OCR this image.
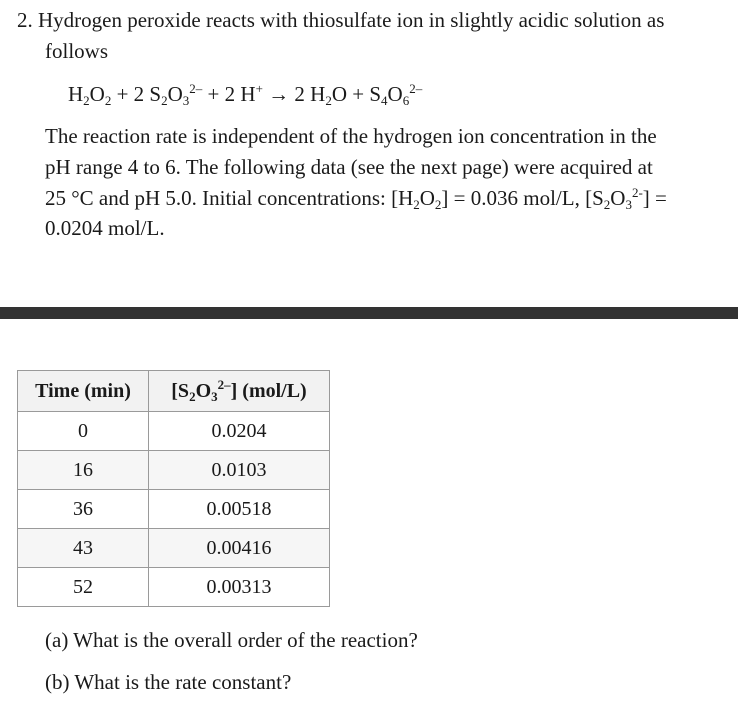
2. Hydrogen peroxide reacts with thiosulfate ion in slightly acidic solution as
follows
$H_2O_2 + 2$ $S_2O_3^{2-} + 2$ H+ → 2 $H_2O + S_4O_6^{2-}$
The reaction rate is independent of the hydrogen ion concentration in the
pH range 4 to 6. The following data (see the next page) were acquired at
25 °C and pH 5.0. Initial concentrations: $[H_2O_2] = 0.036$ mol/L, $[S_2O_3^{2-}]$ =
0.0204 mol/L.
Time (min)	$[S_2O_3^{2-}]$ (mol/L)
0	0.0204
16	0.0103
36	0.00518
43	0.00416
52	0.00313
(a) What is the overall order of the reaction?
(b) What is the rate constant?
